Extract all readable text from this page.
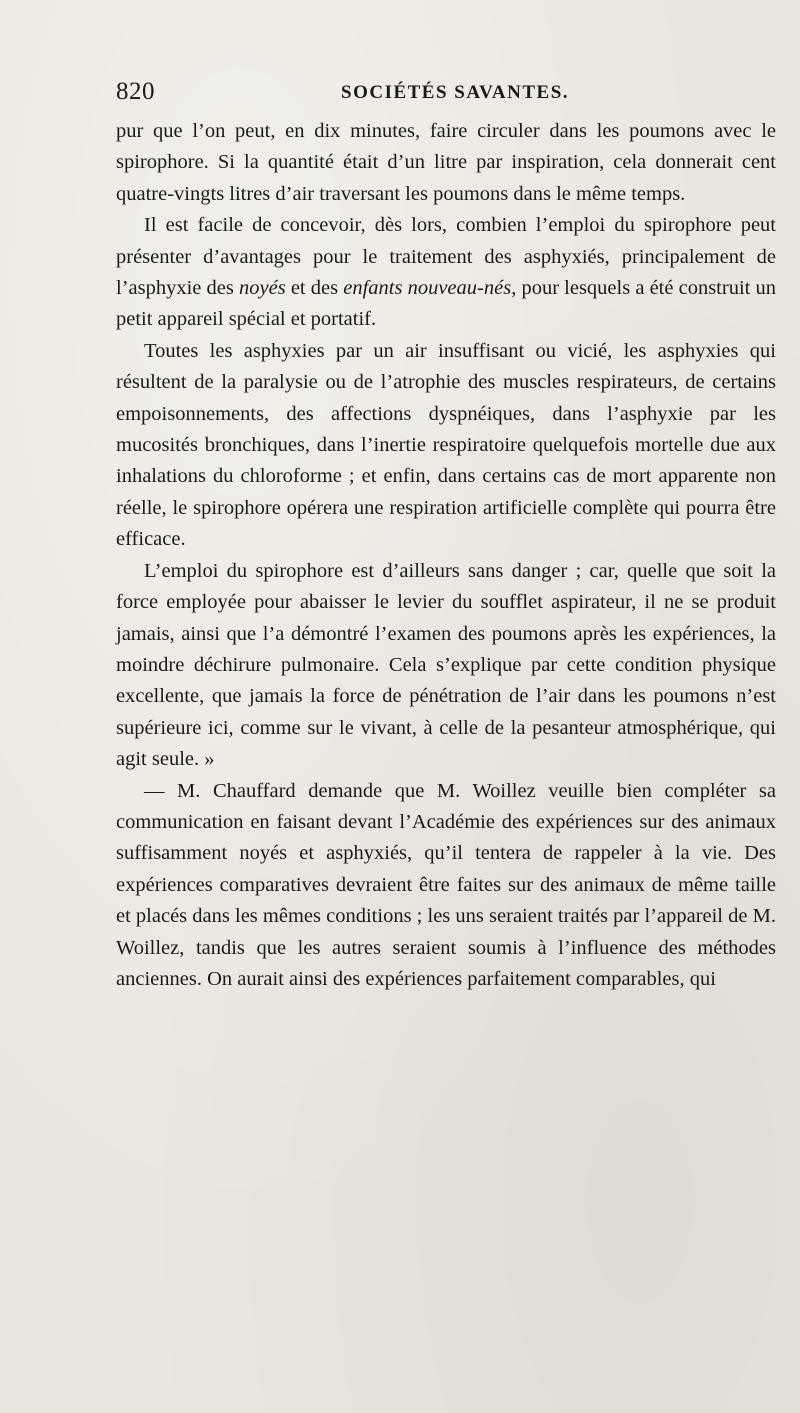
820	SOCIÉTÉS SAVANTES.

pur que l’on peut, en dix minutes, faire circuler dans les poumons avec le spirophore. Si la quantité était d’un litre par inspiration, cela donnerait cent quatre-vingts litres d’air traversant les poumons dans le même temps.

Il est facile de concevoir, dès lors, combien l’emploi du spirophore peut présenter d’avantages pour le traitement des asphyxiés, principalement de l’asphyxie des noyés et des enfants nouveau-nés, pour lesquels a été construit un petit appareil spécial et portatif.

Toutes les asphyxies par un air insuffisant ou vicié, les asphyxies qui résultent de la paralysie ou de l’atrophie des muscles respirateurs, de certains empoisonnements, des affections dyspnéiques, dans l’asphyxie par les mucosités bronchiques, dans l’inertie respiratoire quelquefois mortelle due aux inhalations du chloroforme ; et enfin, dans certains cas de mort apparente non réelle, le spirophore opérera une respiration artificielle complète qui pourra être efficace.

L’emploi du spirophore est d’ailleurs sans danger ; car, quelle que soit la force employée pour abaisser le levier du soufflet aspirateur, il ne se produit jamais, ainsi que l’a démontré l’examen des poumons après les expériences, la moindre déchirure pulmonaire. Cela s’explique par cette condition physique excellente, que jamais la force de pénétration de l’air dans les poumons n’est supérieure ici, comme sur le vivant, à celle de la pesanteur atmosphérique, qui agit seule. »

— M. Chauffard demande que M. Woillez veuille bien compléter sa communication en faisant devant l’Académie des expériences sur des animaux suffisamment noyés et asphyxiés, qu’il tentera de rappeler à la vie. Des expériences comparatives devraient être faites sur des animaux de même taille et placés dans les mêmes conditions ; les uns seraient traités par l’appareil de M. Woillez, tandis que les autres seraient soumis à l’influence des méthodes anciennes. On aurait ainsi des expériences parfaitement comparables, qui
